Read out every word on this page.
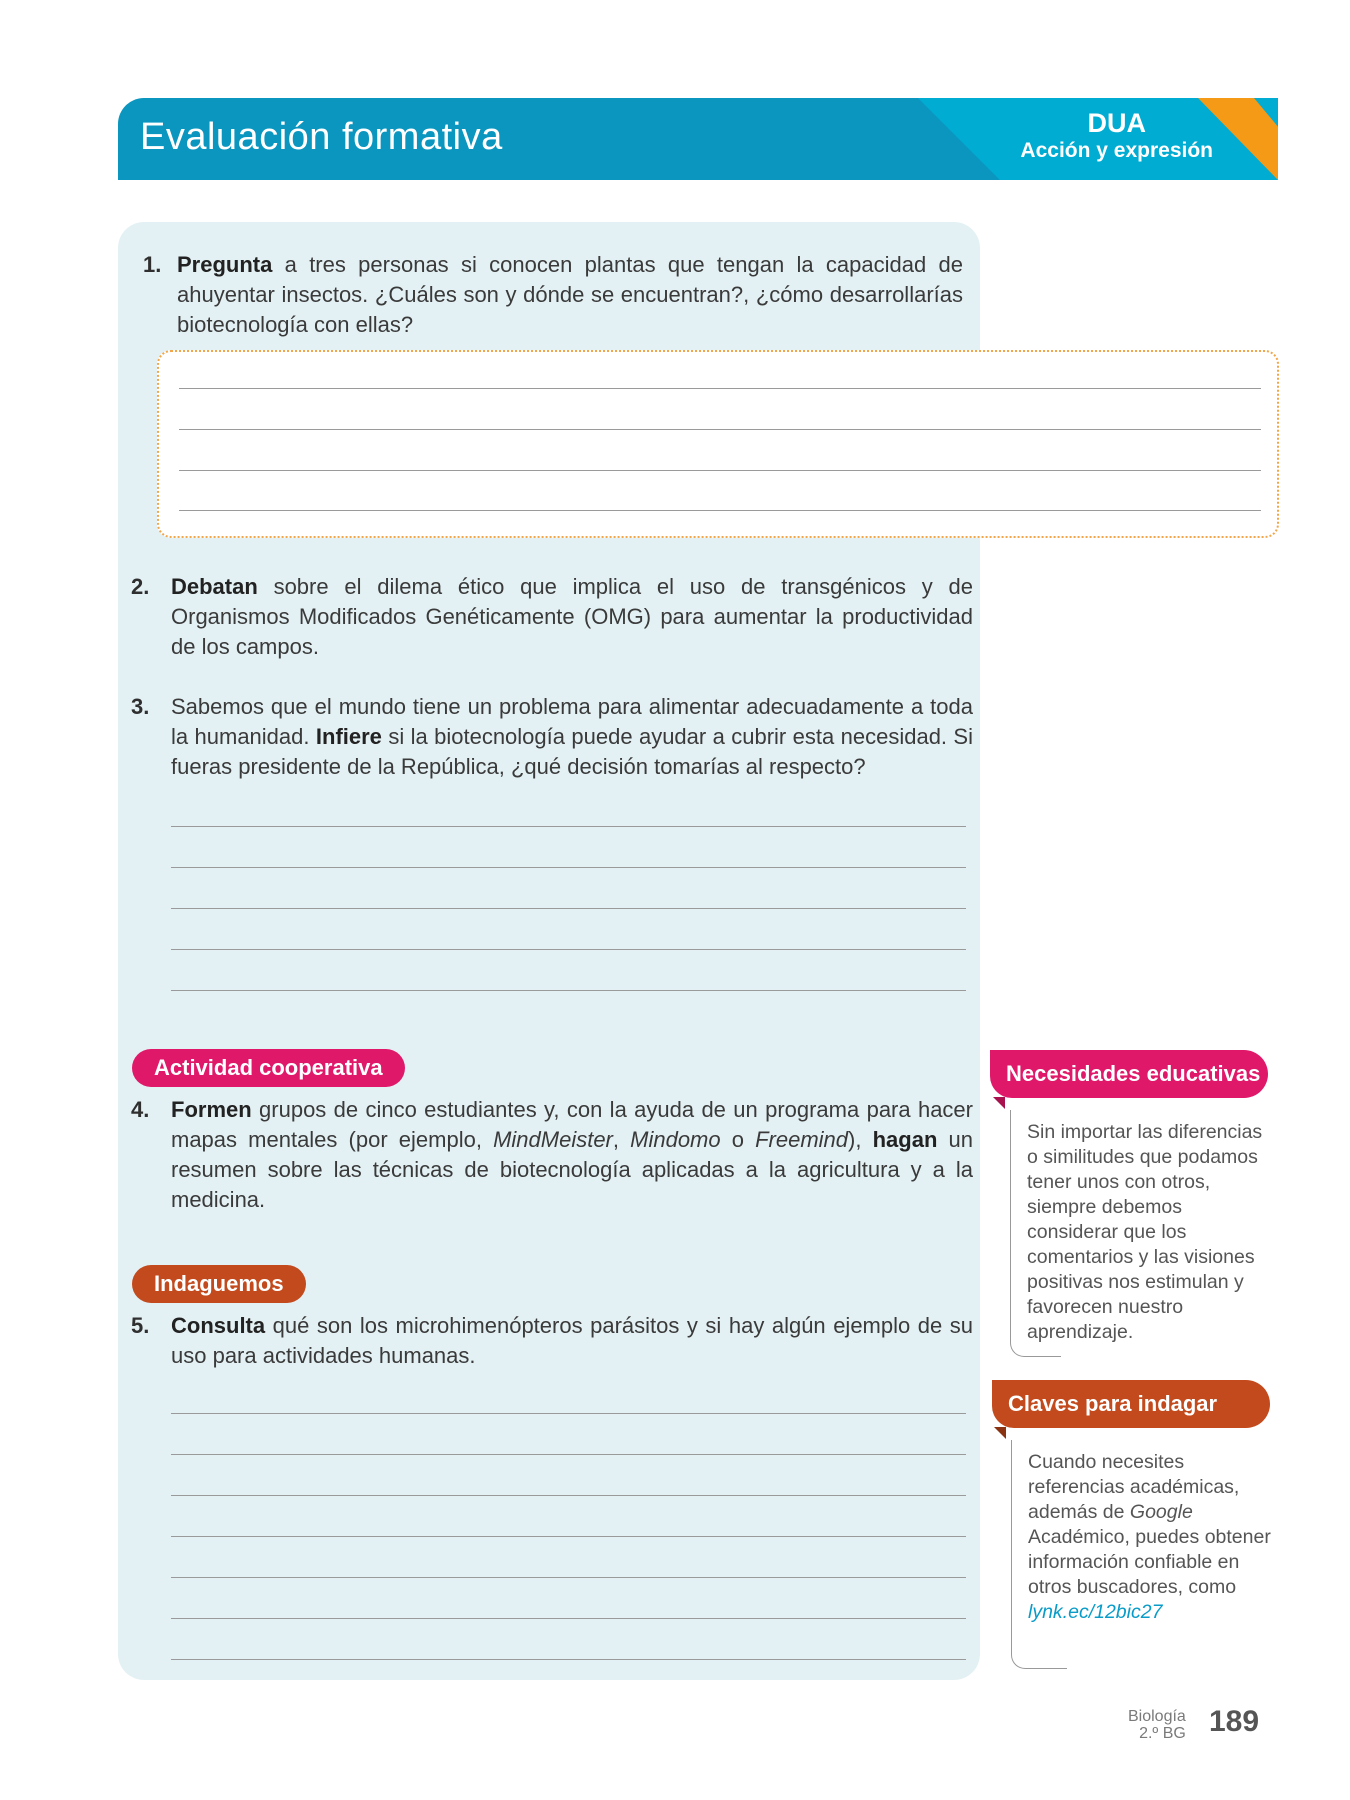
Evaluación formativa	DUA
Acción y expresión
1. Pregunta a tres personas si conocen plantas que tengan la capacidad de ahuyentar insectos. ¿Cuáles son y dónde se encuentran?, ¿cómo desarrollarías biotecnología con ellas?
2. Debatan sobre el dilema ético que implica el uso de transgénicos y de Organismos Modificados Genéticamente (OMG) para aumentar la productividad de los campos.
3. Sabemos que el mundo tiene un problema para alimentar adecuadamente a toda la humanidad. Infiere si la biotecnología puede ayudar a cubrir esta necesidad. Si fueras presidente de la República, ¿qué decisión tomarías al respecto?
Actividad cooperativa
4. Formen grupos de cinco estudiantes y, con la ayuda de un programa para hacer mapas mentales (por ejemplo, MindMeister, Mindomo o Freemind), hagan un resumen sobre las técnicas de biotecnología aplicadas a la agricultura y a la medicina.
Indaguemos
5. Consulta qué son los microhimenópteros parásitos y si hay algún ejemplo de su uso para actividades humanas.
Necesidades educativas
Sin importar las diferencias o similitudes que podamos tener unos con otros, siempre debemos considerar que los comentarios y las visiones positivas nos estimulan y favorecen nuestro aprendizaje.
Claves para indagar
Cuando necesites referencias académicas, además de Google Académico, puedes obtener información confiable en otros buscadores, como lynk.ec/12bic27
Biología
2.º BG 189
